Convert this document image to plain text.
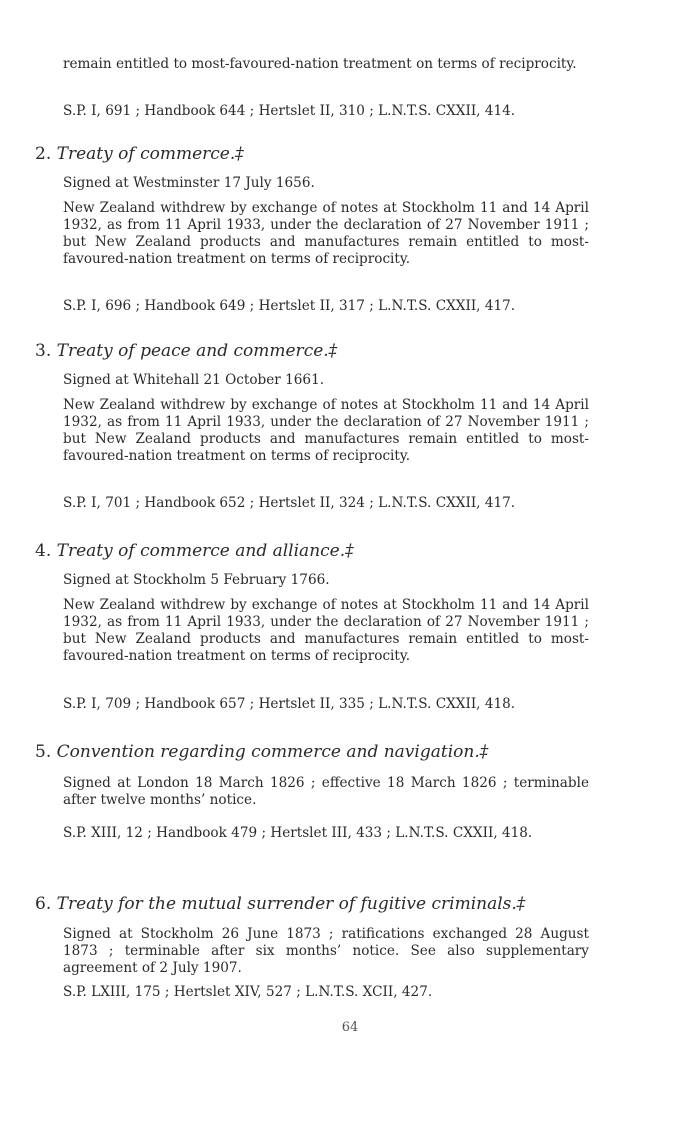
remain entitled to most-favoured-nation treatment on terms of reciprocity.

S.P. I, 691 ; Handbook 644 ; Hertslet II, 310 ; L.N.T.S. CXXII, 414.

2. Treaty of commerce.‡

Signed at Westminster 17 July 1656.

New Zealand withdrew by exchange of notes at Stockholm 11 and 14 April 1932, as from 11 April 1933, under the declaration of 27 November 1911 ; but New Zealand products and manufactures remain entitled to most-favoured-nation treatment on terms of reciprocity.

S.P. I, 696 ; Handbook 649 ; Hertslet II, 317 ; L.N.T.S. CXXII, 417.

3. Treaty of peace and commerce.‡

Signed at Whitehall 21 October 1661.

New Zealand withdrew by exchange of notes at Stockholm 11 and 14 April 1932, as from 11 April 1933, under the declaration of 27 November 1911 ; but New Zealand products and manufactures remain entitled to most-favoured-nation treatment on terms of reciprocity.

S.P. I, 701 ; Handbook 652 ; Hertslet II, 324 ; L.N.T.S. CXXII, 417.

4. Treaty of commerce and alliance.‡

Signed at Stockholm 5 February 1766.

New Zealand withdrew by exchange of notes at Stockholm 11 and 14 April 1932, as from 11 April 1933, under the declaration of 27 November 1911 ; but New Zealand products and manufactures remain entitled to most-favoured-nation treatment on terms of reciprocity.

S.P. I, 709 ; Handbook 657 ; Hertslet II, 335 ; L.N.T.S. CXXII, 418.

5. Convention regarding commerce and navigation.‡

Signed at London 18 March 1826 ; effective 18 March 1826 ; terminable after twelve months’ notice.

S.P. XIII, 12 ; Handbook 479 ; Hertslet III, 433 ; L.N.T.S. CXXII, 418.

6. Treaty for the mutual surrender of fugitive criminals.‡

Signed at Stockholm 26 June 1873 ; ratifications exchanged 28 August 1873 ; terminable after six months’ notice. See also supplementary agreement of 2 July 1907.

S.P. LXIII, 175 ; Hertslet XIV, 527 ; L.N.T.S. XCII, 427.

64
